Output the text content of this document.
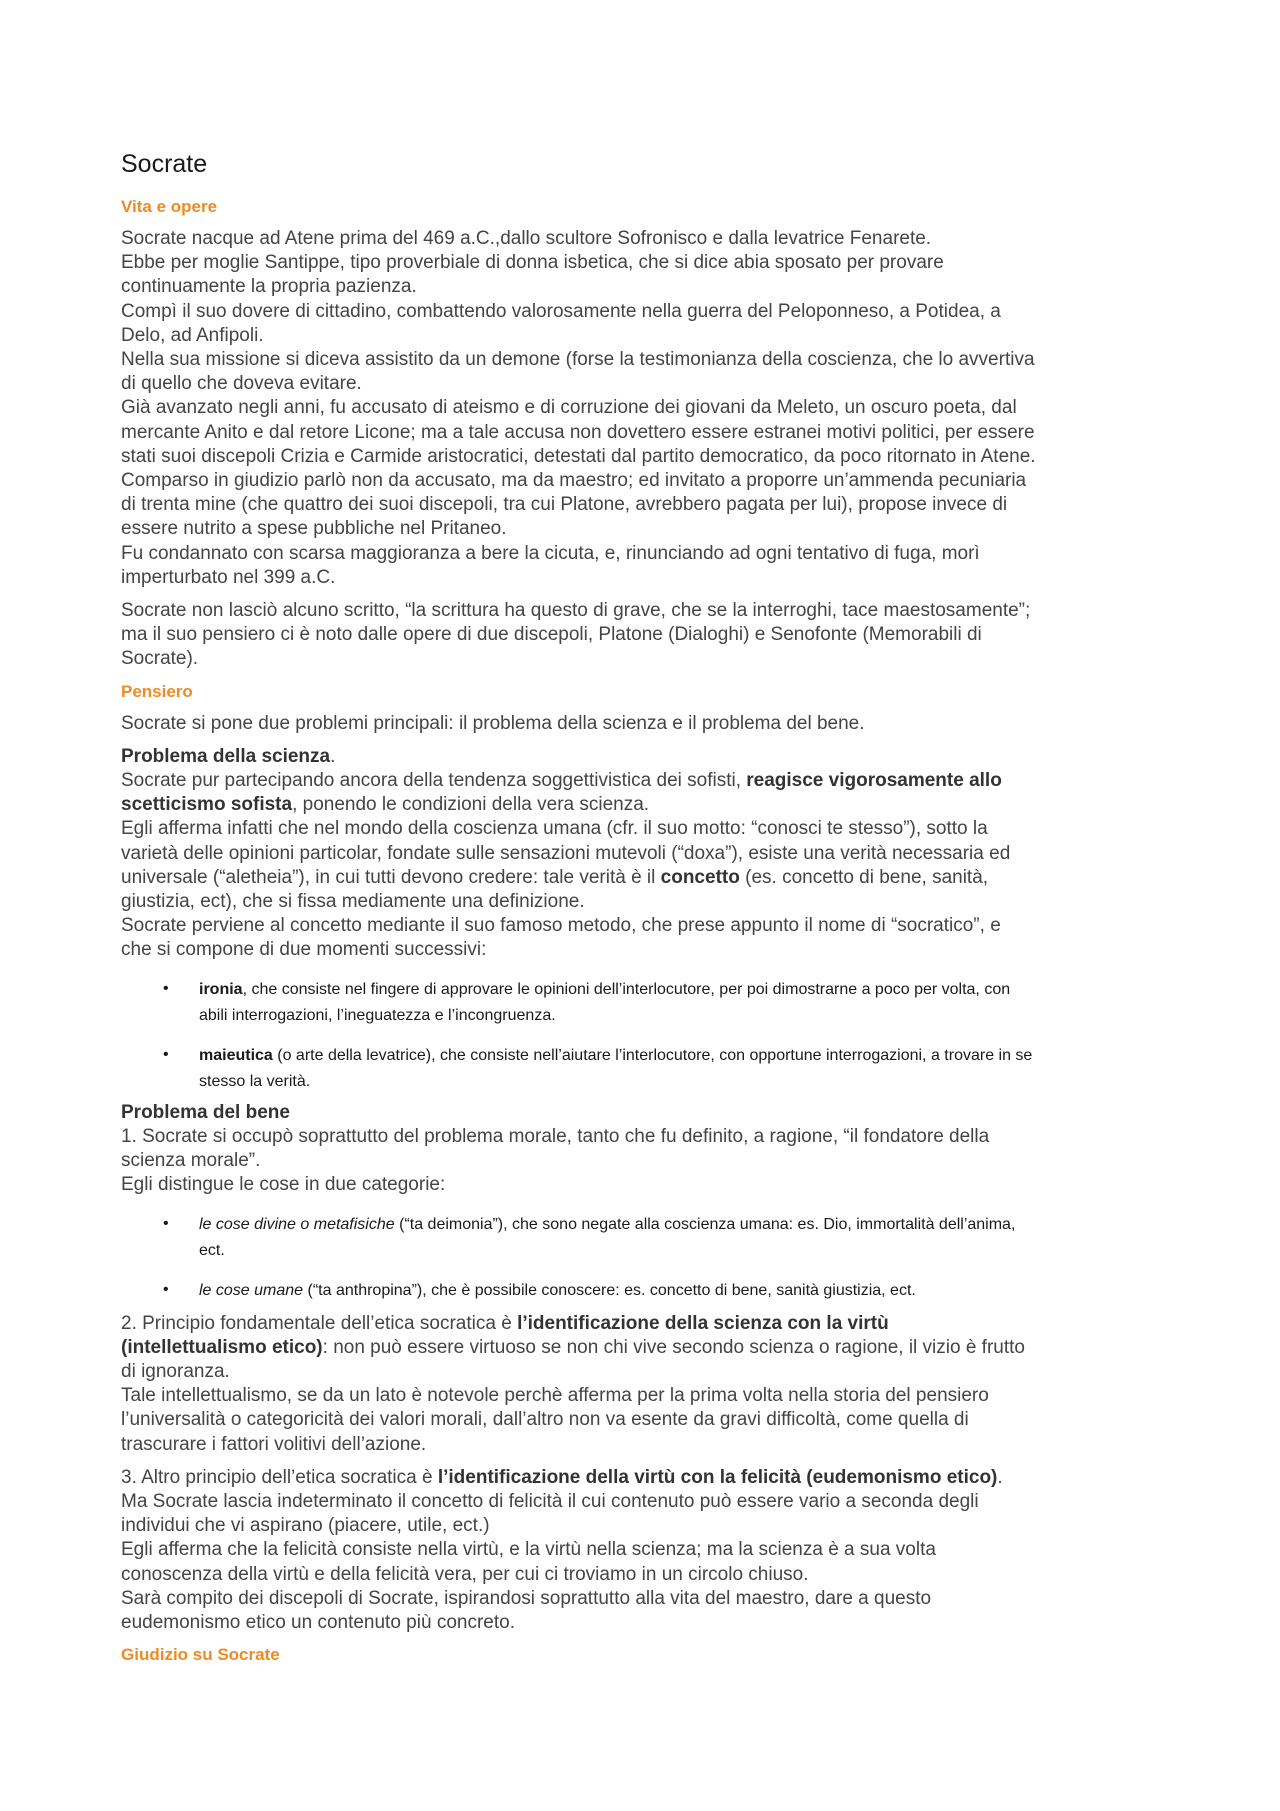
Socrate
Vita e opere
Socrate nacque ad Atene prima del 469 a.C.,dallo scultore Sofronisco e dalla levatrice Fenarete.
Ebbe per moglie Santippe, tipo proverbiale di donna isbetica, che si dice abia sposato per provare
continuamente la propria pazienza.
Compì il suo dovere di cittadino, combattendo valorosamente nella guerra del Peloponneso, a Potidea, a
Delo, ad Anfipoli.
Nella sua missione si diceva assistito da un demone (forse la testimonianza della coscienza, che lo avvertiva
di quello che doveva evitare.
Già avanzato negli anni, fu accusato di ateismo e di corruzione dei giovani da Meleto, un oscuro poeta, dal
mercante Anito e dal retore Licone; ma a tale accusa non dovettero essere estranei motivi politici, per essere
stati suoi discepoli Crizia e Carmide aristocratici, detestati dal partito democratico, da poco ritornato in Atene.
Comparso in giudizio parlò non da accusato, ma da maestro; ed invitato a proporre un’ammenda pecuniaria
di trenta mine (che quattro dei suoi discepoli, tra cui Platone, avrebbero pagata per lui), propose invece di
essere nutrito a spese pubbliche nel Pritaneo.
Fu condannato con scarsa maggioranza a bere la cicuta, e, rinunciando ad ogni tentativo di fuga, morì
imperturbato nel 399 a.C.
Socrate non lasciò alcuno scritto, “la scrittura ha questo di grave, che se la interroghi, tace maestosamente”;
ma il suo pensiero ci è noto dalle opere di due discepoli, Platone (Dialoghi) e Senofonte (Memorabili di
Socrate).
Pensiero
Socrate si pone due problemi principali: il problema della scienza e il problema del bene.
Problema della scienza.
Socrate pur partecipando ancora della tendenza soggettivistica dei sofisti, reagisce vigorosamente allo
scetticismo sofista, ponendo le condizioni della vera scienza.
Egli afferma infatti che nel mondo della coscienza umana (cfr. il suo motto: “conosci te stesso”), sotto la
varietà delle opinioni particolar, fondate sulle sensazioni mutevoli (“doxa”), esiste una verità necessaria ed
universale (“aletheia”), in cui tutti devono credere: tale verità è il concetto (es. concetto di bene, sanità,
giustizia, ect), che si fissa mediamente una definizione.
Socrate perviene al concetto mediante il suo famoso metodo, che prese appunto il nome di “socratico”, e
che si compone di due momenti successivi:
• ironia, che consiste nel fingere di approvare le opinioni dell’interlocutore, per poi dimostrarne a poco per volta, con
abili interrogazioni, l’ineguatezza e l’incongruenza.
• maieutica (o arte della levatrice), che consiste nell’aiutare l’interlocutore, con opportune interrogazioni, a trovare in se
stesso la verità.
Problema del bene
1. Socrate si occupò soprattutto del problema morale, tanto che fu definito, a ragione, “il fondatore della
scienza morale”.
Egli distingue le cose in due categorie:
• le cose divine o metafisiche (“ta deimonia”), che sono negate alla coscienza umana: es. Dio, immortalità dell’anima,
ect.
• le cose umane (“ta anthropina”), che è possibile conoscere: es. concetto di bene, sanità giustizia, ect.
2. Principio fondamentale dell’etica socratica è l’identificazione della scienza con la virtù
(intellettualismo etico): non può essere virtuoso se non chi vive secondo scienza o ragione, il vizio è frutto
di ignoranza.
Tale intellettualismo, se da un lato è notevole perchè afferma per la prima volta nella storia del pensiero
l’universalità o categoricità dei valori morali, dall’altro non va esente da gravi difficoltà, come quella di
trascurare i fattori volitivi dell’azione.
3. Altro principio dell’etica socratica è l’identificazione della virtù con la felicità (eudemonismo etico).
Ma Socrate lascia indeterminato il concetto di felicità il cui contenuto può essere vario a seconda degli
individui che vi aspirano (piacere, utile, ect.)
Egli afferma che la felicità consiste nella virtù, e la virtù nella scienza; ma la scienza è a sua volta
conoscenza della virtù e della felicità vera, per cui ci troviamo in un circolo chiuso.
Sarà compito dei discepoli di Socrate, ispirandosi soprattutto alla vita del maestro, dare a questo
eudemonismo etico un contenuto più concreto.
Giudizio su Socrate
